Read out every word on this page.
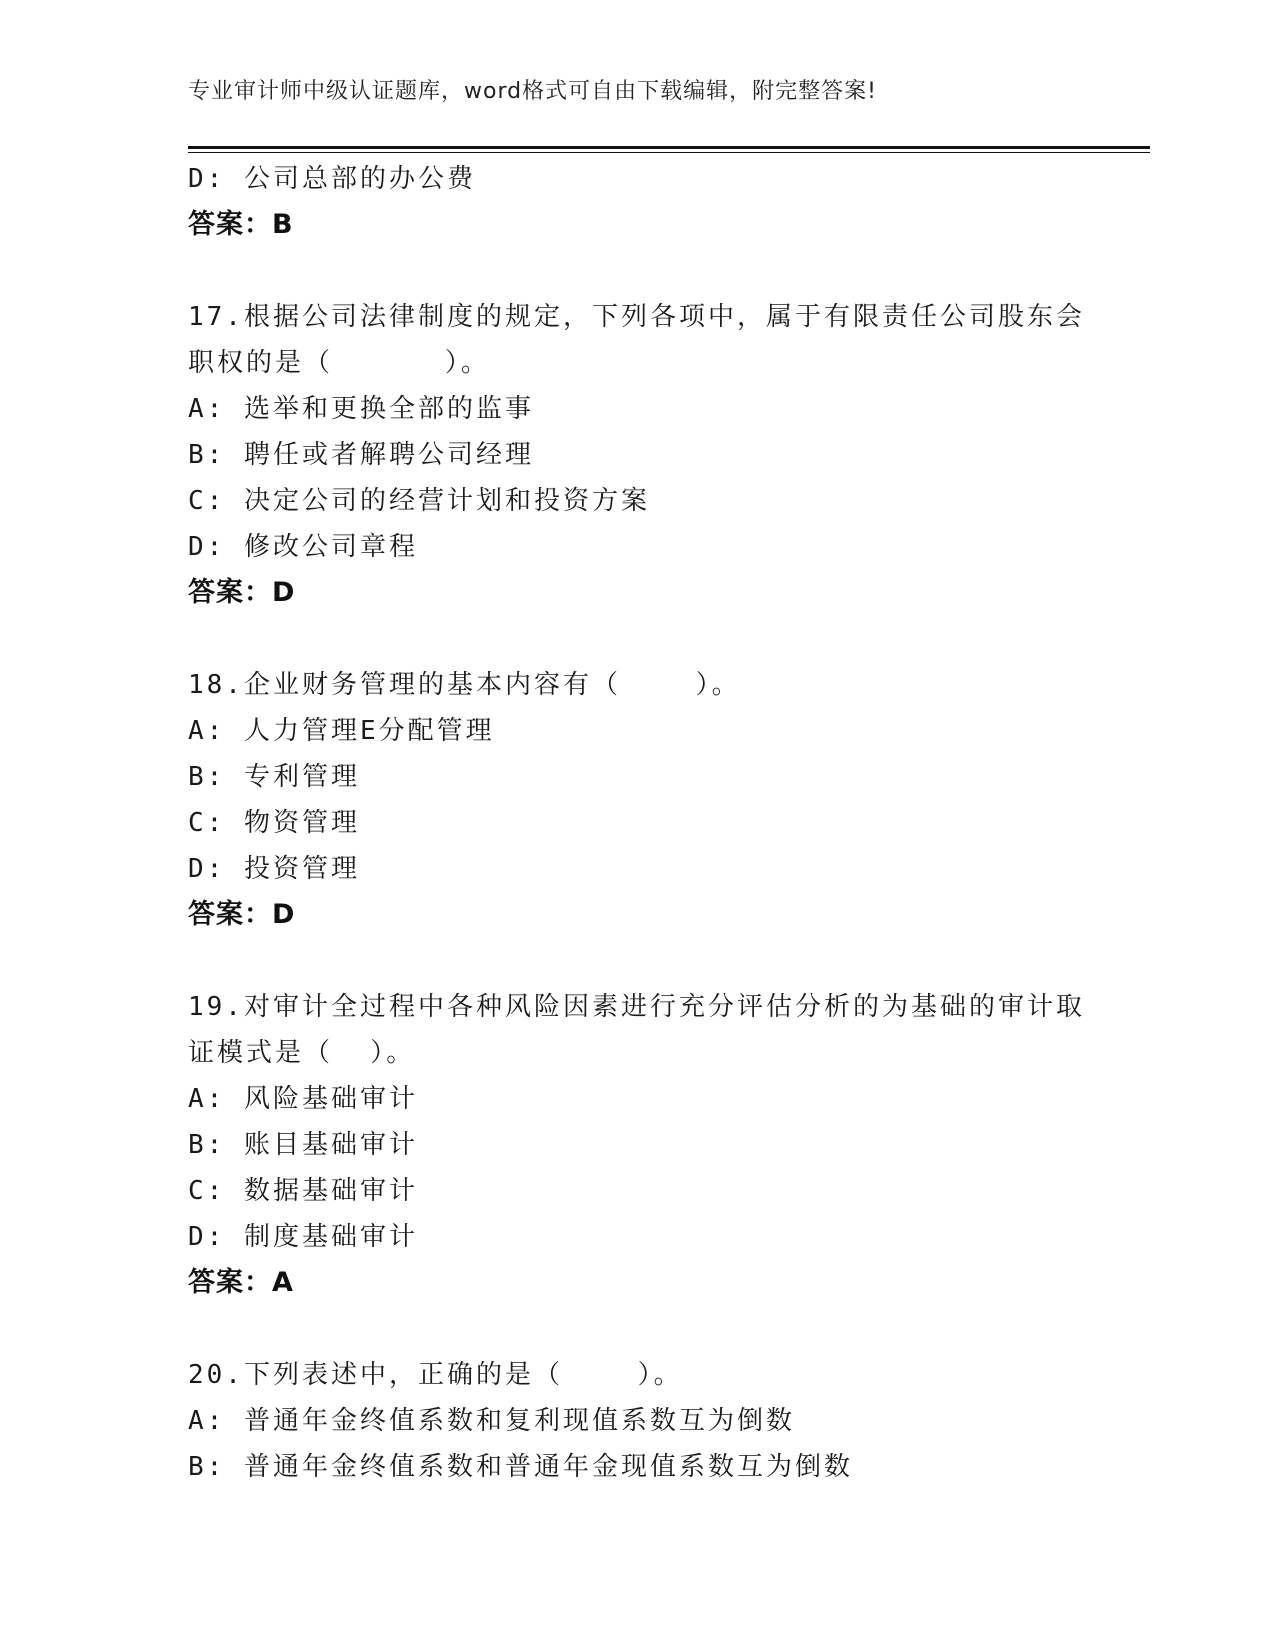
专业审计师中级认证题库，word格式可自由下载编辑，附完整答案!
D: 公司总部的办公费
答案：B
17.根据公司法律制度的规定，下列各项中，属于有限责任公司股东会
职权的是（      ）。
A: 选举和更换全部的监事
B: 聘任或者解聘公司经理
C: 决定公司的经营计划和投资方案
D: 修改公司章程
答案：D
18.企业财务管理的基本内容有（    ）。
A: 人力管理E分配管理
B: 专利管理
C: 物资管理
D: 投资管理
答案：D
19.对审计全过程中各种风险因素进行充分评估分析的为基础的审计取
证模式是（  ）。
A: 风险基础审计
B: 账目基础审计
C: 数据基础审计
D: 制度基础审计
答案：A
20.下列表述中，正确的是（    ）。
A: 普通年金终值系数和复利现值系数互为倒数
B: 普通年金终值系数和普通年金现值系数互为倒数
